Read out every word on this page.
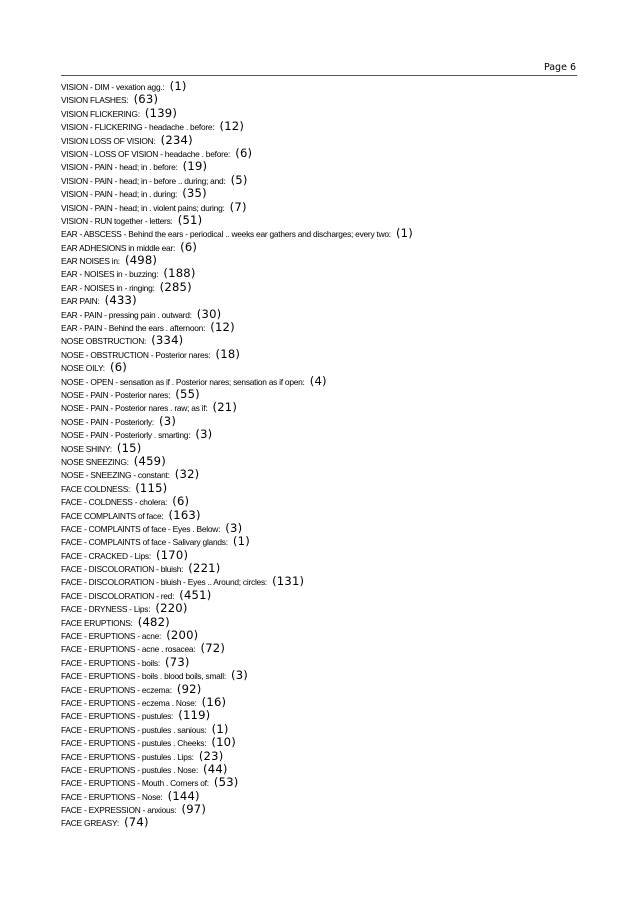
Page 6
VISION - DIM - vexation agg.: (1)
VISION FLASHES: (63)
VISION FLICKERING: (139)
VISION - FLICKERING - headache . before: (12)
VISION LOSS OF VISION: (234)
VISION - LOSS OF VISION - headache . before: (6)
VISION - PAIN - head; in . before: (19)
VISION - PAIN - head; in - before .. during; and: (5)
VISION - PAIN - head; in . during: (35)
VISION - PAIN - head; in . violent pains; during: (7)
VISION - RUN together - letters: (51)
EAR - ABSCESS - Behind the ears - periodical .. weeks ear gathers and discharges; every two: (1)
EAR ADHESIONS in middle ear: (6)
EAR NOISES in: (498)
EAR - NOISES in - buzzing: (188)
EAR - NOISES in - ringing: (285)
EAR PAIN: (433)
EAR - PAIN - pressing pain . outward: (30)
EAR - PAIN - Behind the ears . afternoon: (12)
NOSE OBSTRUCTION: (334)
NOSE - OBSTRUCTION - Posterior nares: (18)
NOSE OILY: (6)
NOSE - OPEN - sensation as if . Posterior nares; sensation as if open: (4)
NOSE - PAIN - Posterior nares: (55)
NOSE - PAIN - Posterior nares . raw; as if: (21)
NOSE - PAIN - Posteriorly: (3)
NOSE - PAIN - Posteriorly . smarting: (3)
NOSE SHINY: (15)
NOSE SNEEZING: (459)
NOSE - SNEEZING - constant: (32)
FACE COLDNESS: (115)
FACE - COLDNESS - cholera: (6)
FACE COMPLAINTS of face: (163)
FACE - COMPLAINTS of face - Eyes . Below: (3)
FACE - COMPLAINTS of face - Salivary glands: (1)
FACE - CRACKED - Lips: (170)
FACE - DISCOLORATION - bluish: (221)
FACE - DISCOLORATION - bluish - Eyes .. Around; circles: (131)
FACE - DISCOLORATION - red: (451)
FACE - DRYNESS - Lips: (220)
FACE ERUPTIONS: (482)
FACE - ERUPTIONS - acne: (200)
FACE - ERUPTIONS - acne . rosacea: (72)
FACE - ERUPTIONS - boils: (73)
FACE - ERUPTIONS - boils . blood boils, small: (3)
FACE - ERUPTIONS - eczema: (92)
FACE - ERUPTIONS - eczema . Nose: (16)
FACE - ERUPTIONS - pustules: (119)
FACE - ERUPTIONS - pustules . sanious: (1)
FACE - ERUPTIONS - pustules . Cheeks: (10)
FACE - ERUPTIONS - pustules . Lips: (23)
FACE - ERUPTIONS - pustules . Nose: (44)
FACE - ERUPTIONS - Mouth . Corners of: (53)
FACE - ERUPTIONS - Nose: (144)
FACE - EXPRESSION - anxious: (97)
FACE GREASY: (74)
